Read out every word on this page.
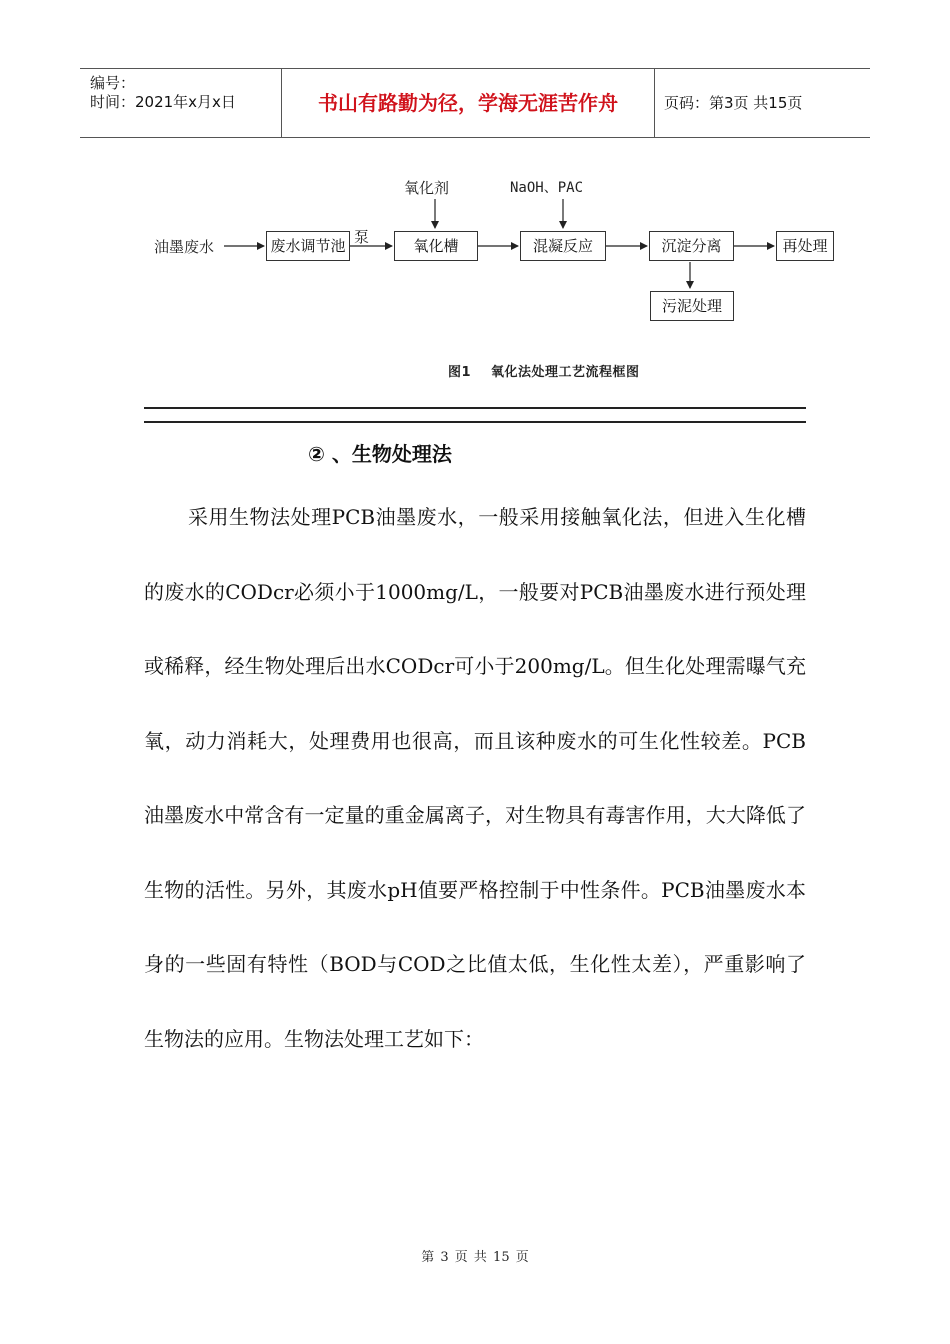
编号：
时间：2021年x月x日	书山有路勤为径，学海无涯苦作舟	页码：第3页 共15页
油墨废水
泵
氧化剂	NaOH、PAC
废水调节池	氧化槽	混凝反应	沉淀分离	再处理
污泥处理
图1 氧化法处理工艺流程框图
② 、生物处理法

采用生物法处理PCB油墨废水，一般采用接触氧化法，但进入生化槽的废水的CODcr必须小于1000mg/L，一般要对PCB油墨废水进行预处理或稀释，经生物处理后出水CODcr可小于200mg/L。但生化处理需曝气充氧，动力消耗大，处理费用也很高，而且该种废水的可生化性较差。PCB油墨废水中常含有一定量的重金属离子，对生物具有毒害作用，大大降低了生物的活性。另外，其废水pH值要严格控制于中性条件。PCB油墨废水本身的一些固有特性（BOD与COD之比值太低，生化性太差），严重影响了生物法的应用。生物法处理工艺如下：

第 3 页 共 15 页
